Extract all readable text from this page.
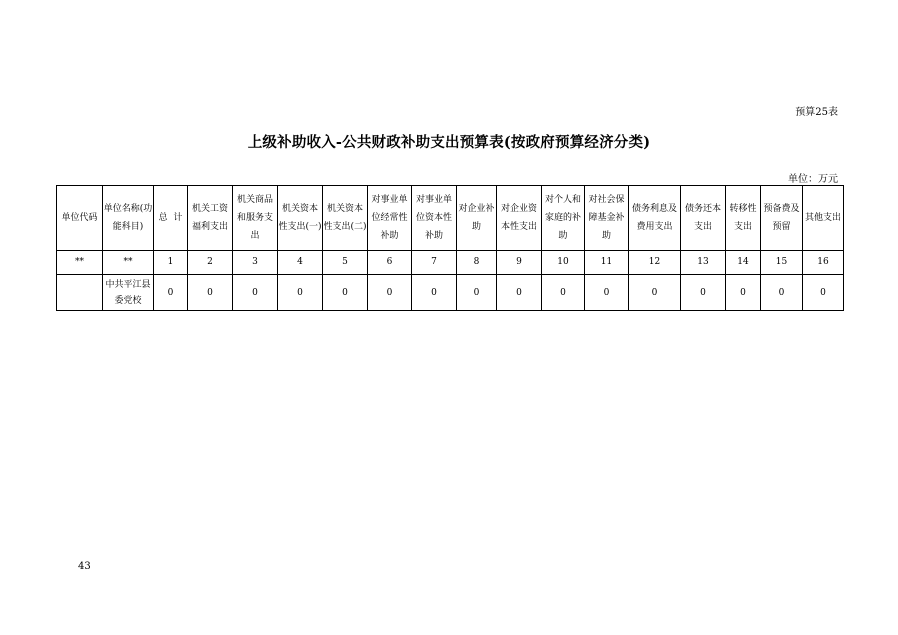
预算25表
上级补助收入-公共财政补助支出预算表(按政府预算经济分类)
单位：万元
单位代码	单位名称(功能科目)	总  计	机关工资福利支出	机关商品和服务支出	机关资本性支出(一)	机关资本性支出(二)	对事业单位经常性补助	对事业单位资本性补助	对企业补助	对企业资本性支出	对个人和家庭的补助	对社会保障基金补助	债务利息及费用支出	债务还本支出	转移性支出	预备费及预留	其他支出
**	**	1	2	3	4	5	6	7	8	9	10	11	12	13	14	15	16
	中共平江县委党校	0	0	0	0	0	0	0	0	0	0	0	0	0	0	0	0
43
